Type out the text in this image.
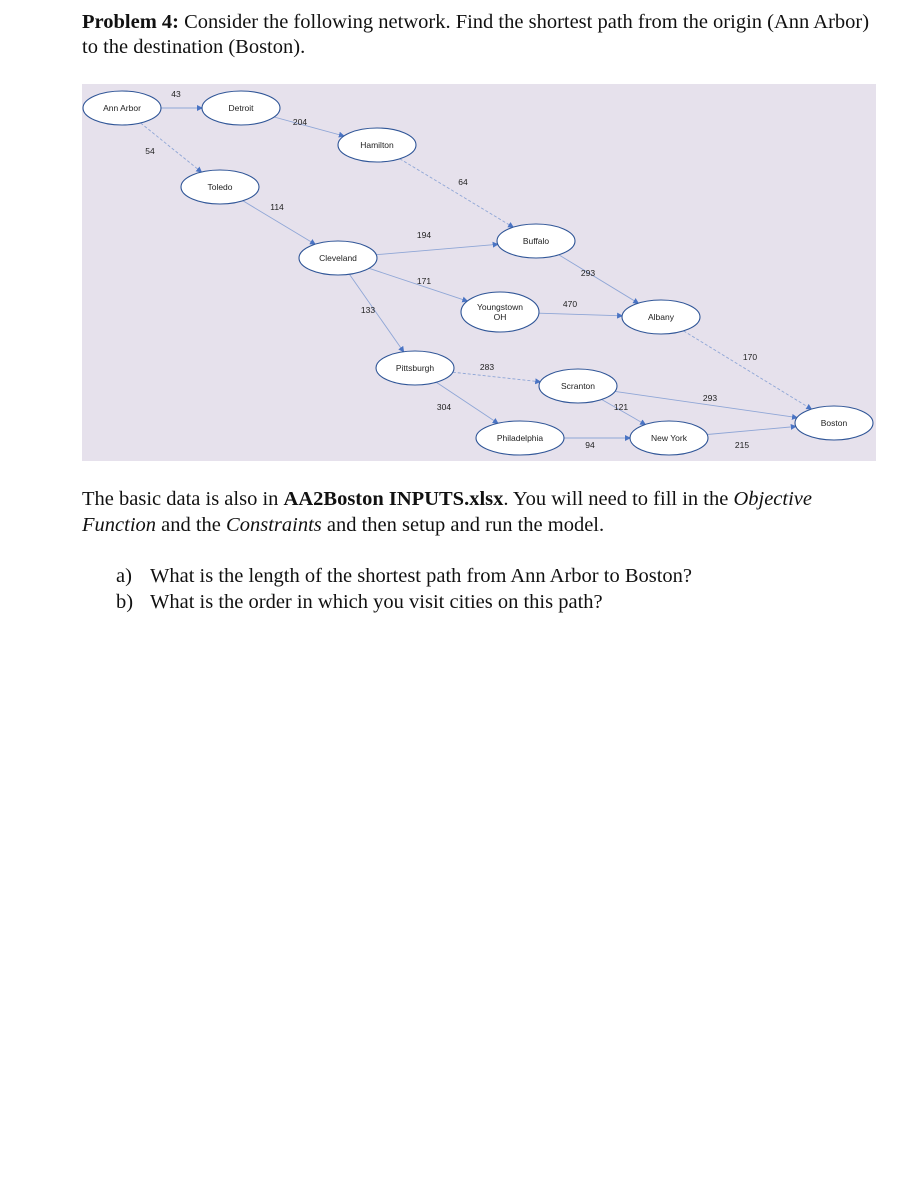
Problem 4: Consider the following network. Find the shortest path from the origin (Ann Arbor) to the destination (Boston).

43
54
204
114
64
194
171
133
293
470
283
304	121
293
94
170
215
Ann Arbor	Detroit
Toledo
Hamilton
Cleveland
Buffalo
Youngstown
OH
Pittsburgh
Albany
Scranton
Philadelphia	New York
Boston

The basic data is also in AA2Boston INPUTS.xlsx. You will need to fill in the Objective Function and the Constraints and then setup and run the model.

a) What is the length of the shortest path from Ann Arbor to Boston?
b) What is the order in which you visit cities on this path?
